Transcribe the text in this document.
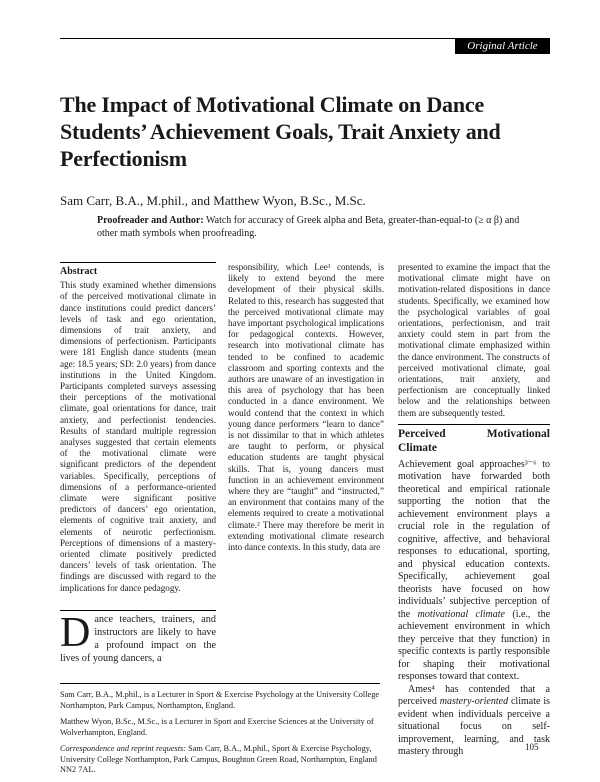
Original Article
The Impact of Motivational Climate on Dance Students’ Achievement Goals, Trait Anxiety and Perfectionism
Sam Carr, B.A., M.phil., and Matthew Wyon, B.Sc., M.Sc.
Proofreader and Author: Watch for accuracy of Greek alpha and Beta, greater-than-equal-to (≥ α β) and other math symbols when proofreading.
Abstract

This study examined whether dimensions of the perceived motivational climate in dance institutions could predict dancers’ levels of task and ego orientation, dimensions of trait anxiety, and dimensions of perfectionism. Participants were 181 English dance students (mean age: 18.5 years; SD: 2.0 years) from dance institutions in the United Kingdom. Participants completed surveys assessing their perceptions of the motivational climate, goal orientations for dance, trait anxiety, and perfectionist tendencies. Results of standard multiple regression analyses suggested that certain elements of the motivational climate were significant predictors of the dependent variables. Specifically, perceptions of dimensions of a performance-oriented climate were significant positive predictors of dancers’ ego orientation, elements of cognitive trait anxiety, and elements of neurotic perfectionism. Perceptions of dimensions of a mastery-oriented climate positively predicted dancers’ levels of task orientation. The findings are discussed with regard to the implications for dance pedagogy.

D ance teachers, trainers, and instructors are likely to have a profound impact on the lives of young dancers, a

responsibility, which Lee¹ contends, is likely to extend beyond the mere development of their physical skills. Related to this, research has suggested that the perceived motivational climate may have important psychological implications for pedagogical contexts. However, research into motivational climate has tended to be confined to academic classroom and sporting contexts and the authors are unaware of an investigation in this area of psychology that has been conducted in a dance environment. We would contend that the context in which young dance performers “learn to dance” is not dissimilar to that in which athletes are taught to perform, or physical education students are taught physical skills. That is, young dancers must function in an achievement environment where they are “taught” and “instructed,” an environment that contains many of the elements required to create a motivational climate.² There may therefore be merit in extending motivational climate research into dance contexts. In this study, data are

presented to examine the impact that the motivational climate might have on motivation-related dispositions in dance students. Specifically, we examined how the psychological variables of goal orientations, perfectionism, and trait anxiety could stem in part from the motivational climate emphasized within the dance environment. The constructs of perceived motivational climate, goal orientations, trait anxiety, and perfectionism are conceptually linked below and the relationships between them are subsequently tested.

Perceived Motivational Climate

Achievement goal approaches³⁻⁶ to motivation have forwarded both theoretical and empirical rationale supporting the notion that the achievement environment plays a crucial role in the regulation of cognitive, affective, and behavioral responses to educational, sporting, and physical education contexts. Specifically, achievement goal theorists have focused on how individuals’ subjective perception of the motivational climate (i.e., the achievement environment in which they perceive that they function) in specific contexts is partly responsible for shaping their motivational responses toward that context.

Ames⁴ has contended that a perceived mastery-oriented climate is evident when individuals perceive a situational focus on self-improvement, learning, and task mastery through

Sam Carr, B.A., M.phil., is a Lecturer in Sport & Exercise Psychology at the University College Northampton, Park Campus, Northampton, England.

Matthew Wyon, B.Sc., M.Sc., is a Lecturer in Sport and Exercise Sciences at the University of Wolverhampton, England.

Correspondence and reprint requests: Sam Carr, B.A., M.phil., Sport & Exercise Psychology, University College Northampton, Park Campus, Boughton Green Road, Northampton, England NN2 7AL.

105
